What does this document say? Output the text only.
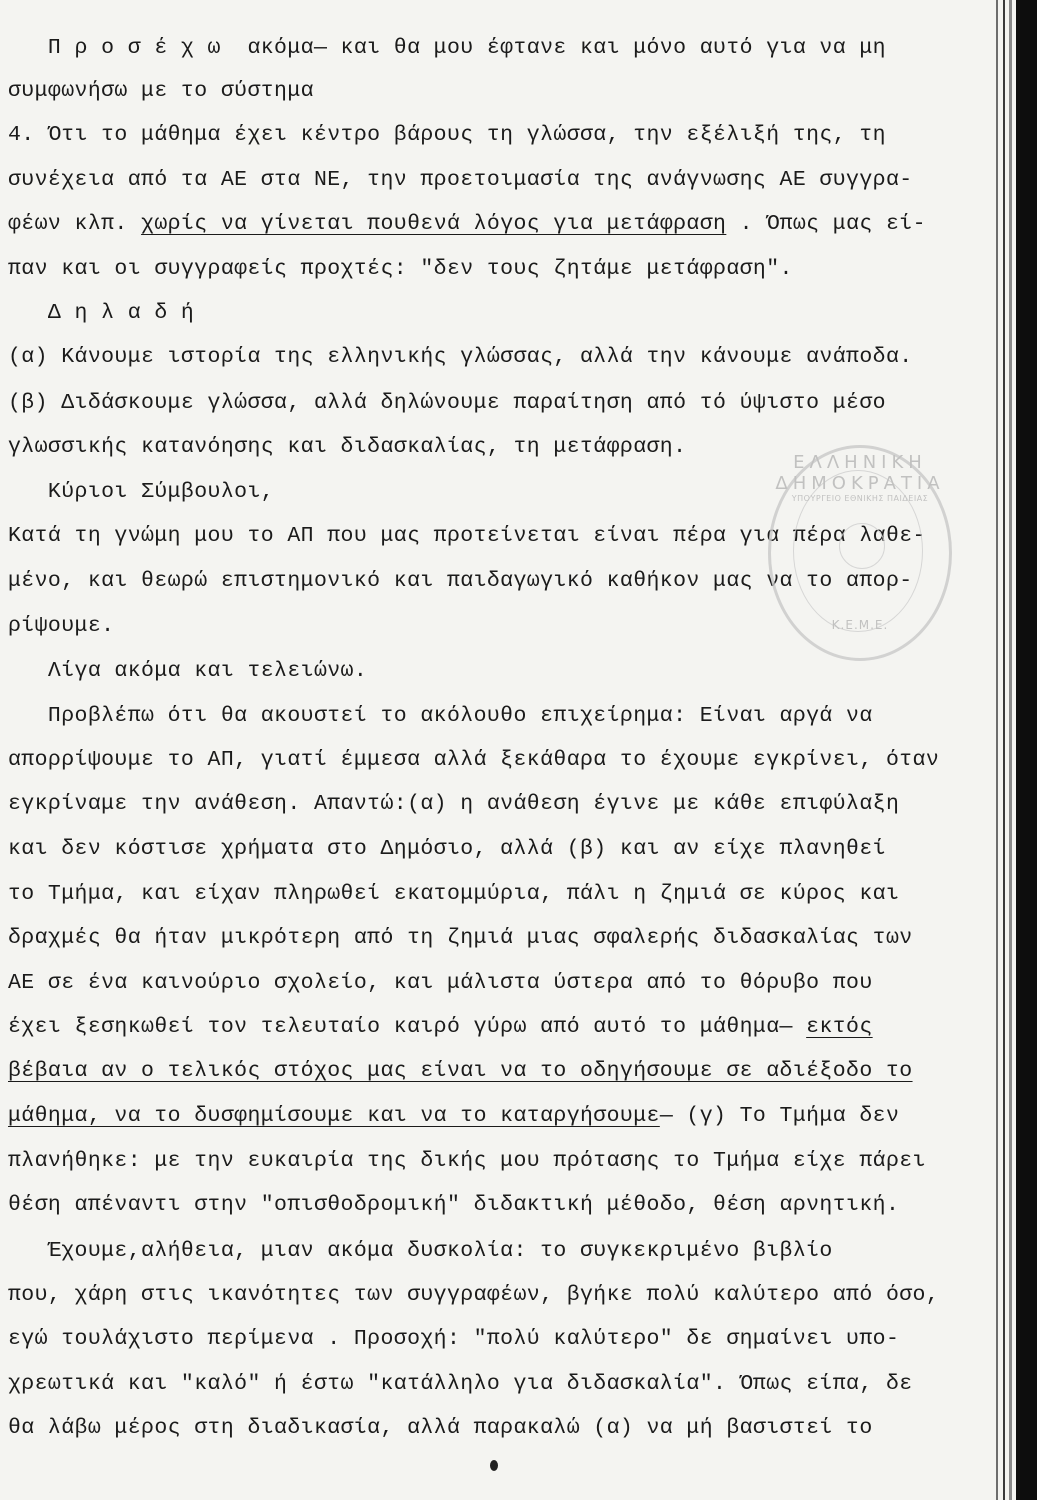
Π ρ ο σ έ χ ω  ακόμα— και θα μου έφτανε και μόνο αυτό για να μη
συμφωνήσω με το σύστημα
4. Ότι το μάθημα έχει κέντρο βάρους τη γλώσσα, την εξέλιξή της, τη
συνέχεια από τα ΑΕ στα ΝΕ, την προετοιμασία της ανάγνωσης ΑΕ συγγρα-
φέων κλπ. χωρίς να γίνεται πουθενά λόγος για μετάφραση . Όπως μας εί-
παν και οι συγγραφείς προχτές: "δεν τους ζητάμε μετάφραση".
Δ η λ α δ ή
(α) Κάνουμε ιστορία της ελληνικής γλώσσας, αλλά την κάνουμε ανάποδα.
(β) Διδάσκουμε γλώσσα, αλλά δηλώνουμε παραίτηση από τό ύψιστο μέσο
γλωσσικής κατανόησης και διδασκαλίας, τη μετάφραση.
Κύριοι Σύμβουλοι,
Κατά τη γνώμη μου το ΑΠ που μας προτείνεται είναι πέρα για πέρα λαθε-
μένο, και θεωρώ επιστημονικό και παιδαγωγικό καθήκον μας να το απορ-
ρίψουμε.
Λίγα ακόμα και τελειώνω.
Προβλέπω ότι θα ακουστεί το ακόλουθο επιχείρημα: Είναι αργά να
απορρίψουμε το ΑΠ, γιατί έμμεσα αλλά ξεκάθαρα το έχουμε εγκρίνει, όταν
εγκρίναμε την ανάθεση. Απαντώ:(α) η ανάθεση έγινε με κάθε επιφύλαξη
και δεν κόστισε χρήματα στο Δημόσιο, αλλά (β) και αν είχε πλανηθεί
το Τμήμα, και είχαν πληρωθεί εκατομμύρια, πάλι η ζημιά σε κύρος και
δραχμές θα ήταν μικρότερη από τη ζημιά μιας σφαλερής διδασκαλίας των
ΑΕ σε ένα καινούριο σχολείο, και μάλιστα ύστερα από το θόρυβο που
έχει ξεσηκωθεί τον τελευταίο καιρό γύρω από αυτό το μάθημα— εκτός
βέβαια αν ο τελικός στόχος μας είναι να το οδηγήσουμε σε αδιέξοδο το
μάθημα, να το δυσφημίσουμε και να το καταργήσουμε— (γ) Το Τμήμα δεν
πλανήθηκε: με την ευκαιρία της δικής μου πρότασης το Τμήμα είχε πάρει
θέση απέναντι στην "οπισθοδρομική" διδακτική μέθοδο, θέση αρνητική.
Έχουμε,αλήθεια, μιαν ακόμα δυσκολία: το συγκεκριμένο βιβλίο
που, χάρη στις ικανότητες των συγγραφέων, βγήκε πολύ καλύτερο από όσο,
εγώ τουλάχιστο περίμενα . Προσοχή: "πολύ καλύτερο" δε σημαίνει υπο-
χρεωτικά και "καλό" ή έστω "κατάλληλο για διδασκαλία". Όπως είπα, δε
θα λάβω μέρος στη διαδικασία, αλλά παρακαλώ (α) να μή βασιστεί το
ΕΛΛΗΝΙΚΗ ΔΗΜΟΚΡΑΤΙΑ
ΥΠΟΥΡΓΕΙΟ ΕΘΝΙΚΗΣ ΠΑΙΔΕΙΑΣ
Κ.Ε.Μ.Ε.
